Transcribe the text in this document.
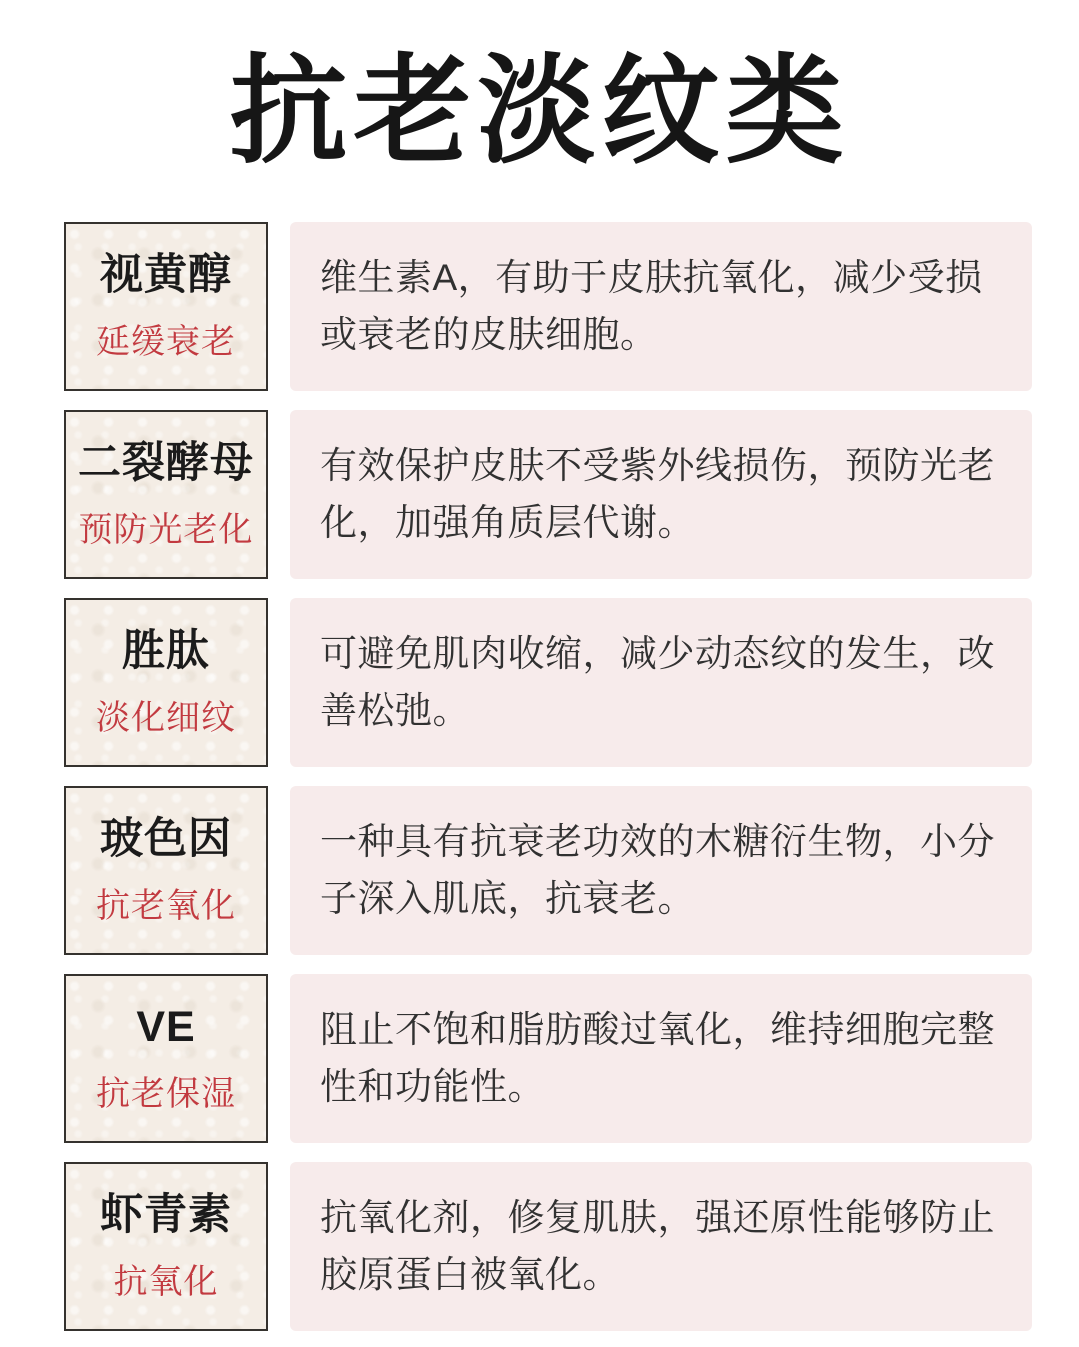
抗老淡纹类
视黄醇
延缓衰老

维生素A，有助于皮肤抗氧化，减少受损或衰老的皮肤细胞。

二裂酵母
预防光老化

有效保护皮肤不受紫外线损伤，预防光老化，加强角质层代谢。

胜肽
淡化细纹

可避免肌肉收缩，减少动态纹的发生，改善松弛。

玻色因
抗老氧化

一种具有抗衰老功效的木糖衍生物，小分子深入肌底，抗衰老。

VE
抗老保湿

阻止不饱和脂肪酸过氧化，维持细胞完整性和功能性。

虾青素
抗氧化

抗氧化剂，修复肌肤，强还原性能够防止胶原蛋白被氧化。
